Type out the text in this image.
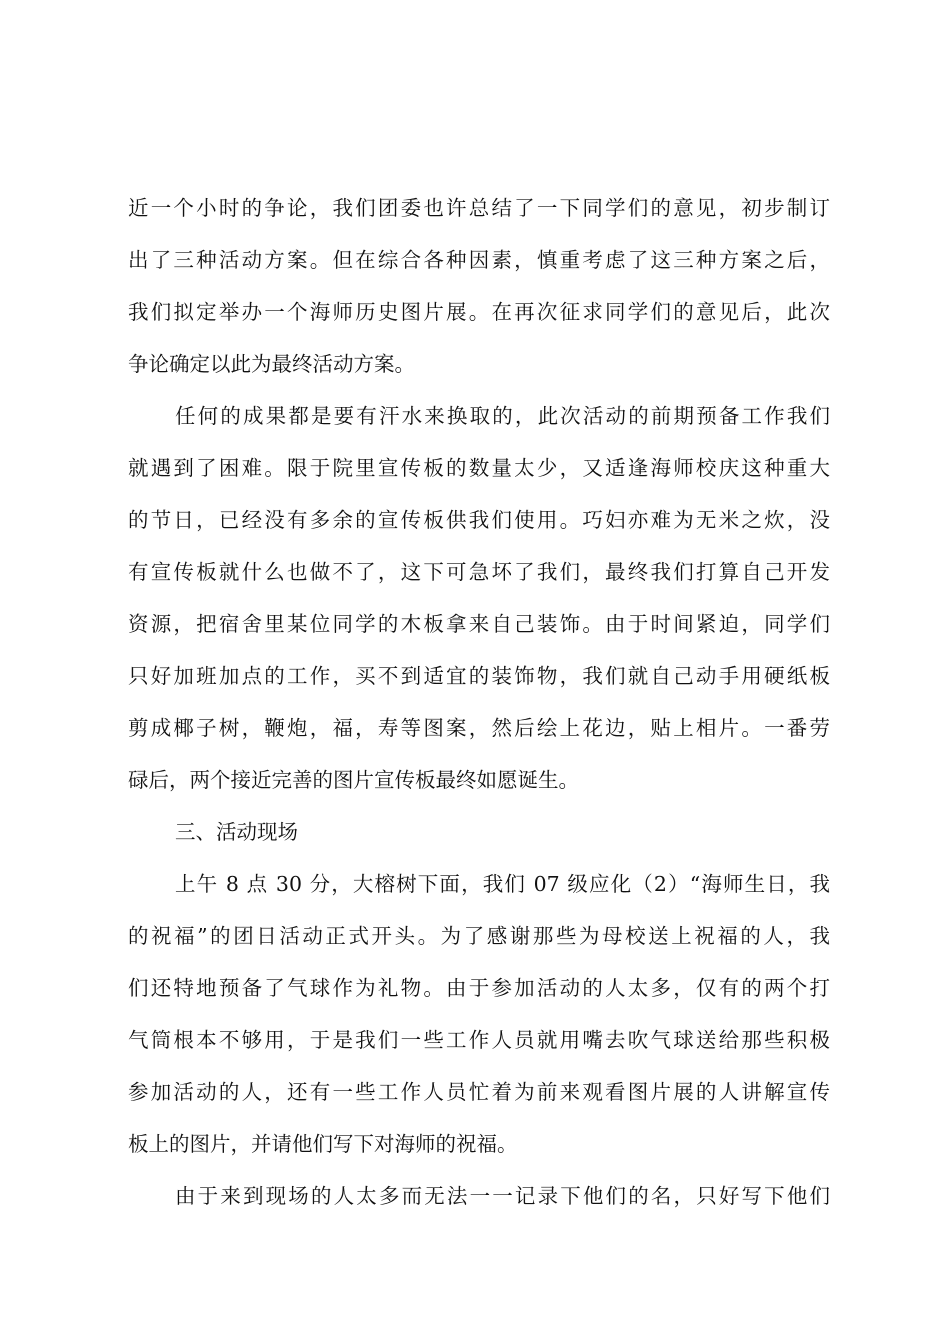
近一个小时的争论，我们团委也许总结了一下同学们的意见，初步制订

出了三种活动方案。但在综合各种因素，慎重考虑了这三种方案之后，

我们拟定举办一个海师历史图片展。在再次征求同学们的意见后，此次

争论确定以此为最终活动方案。

任何的成果都是要有汗水来换取的，此次活动的前期预备工作我们

就遇到了困难。限于院里宣传板的数量太少，又适逢海师校庆这种重大

的节日，已经没有多余的宣传板供我们使用。巧妇亦难为无米之炊，没

有宣传板就什么也做不了，这下可急坏了我们，最终我们打算自己开发

资源，把宿舍里某位同学的木板拿来自己装饰。由于时间紧迫，同学们

只好加班加点的工作，买不到适宜的装饰物，我们就自己动手用硬纸板

剪成椰子树，鞭炮，福，寿等图案，然后绘上花边，贴上相片。一番劳

碌后，两个接近完善的图片宣传板最终如愿诞生。

三、活动现场

上午 8 点 30 分，大榕树下面，我们 07 级应化（2）“海师生日，我

的祝福”的团日活动正式开头。为了感谢那些为母校送上祝福的人，我

们还特地预备了气球作为礼物。由于参加活动的人太多，仅有的两个打

气筒根本不够用，于是我们一些工作人员就用嘴去吹气球送给那些积极

参加活动的人，还有一些工作人员忙着为前来观看图片展的人讲解宣传

板上的图片，并请他们写下对海师的祝福。

由于来到现场的人太多而无法一一记录下他们的名，只好写下他们
